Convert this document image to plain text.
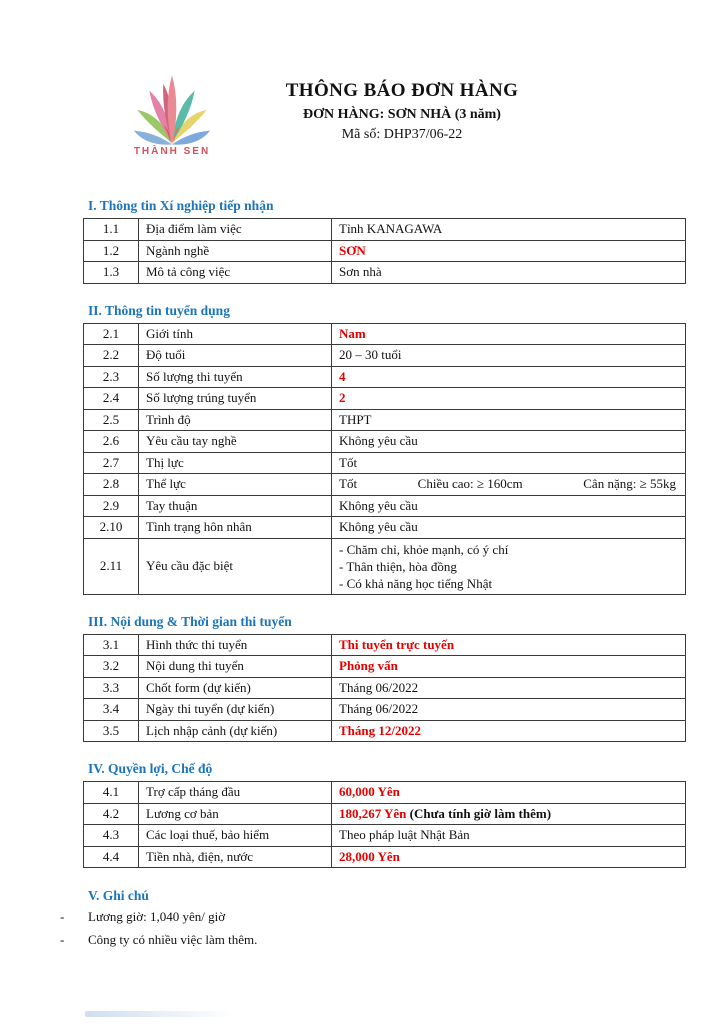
THÀNH SEN
THÔNG BÁO ĐƠN HÀNG
ĐƠN HÀNG: SƠN NHÀ (3 năm)
Mã số: DHP37/06-22
I. Thông tin Xí nghiệp tiếp nhận
1.1	Địa điểm làm việc	Tỉnh KANAGAWA
1.2	Ngành nghề	SƠN
1.3	Mô tả công việc	Sơn nhà
II. Thông tin tuyển dụng
2.1	Giới tính	Nam
2.2	Độ tuổi	20 – 30 tuổi
2.3	Số lượng thi tuyển	4
2.4	Số lượng trúng tuyển	2
2.5	Trình độ	THPT
2.6	Yêu cầu tay nghề	Không yêu cầu
2.7	Thị lực	Tốt
2.8	Thể lực	Tốt Chiều cao: ≥ 160cm Cân nặng: ≥ 55kg

2.9	Tay thuận	Không yêu cầu
2.10	Tình trạng hôn nhân	Không yêu cầu
2.11	Yêu cầu đặc biệt	- Chăm chỉ, khỏe mạnh, có ý chí
- Thân thiện, hòa đồng
- Có khả năng học tiếng Nhật
III. Nội dung & Thời gian thi tuyển
3.1	Hình thức thi tuyển	Thi tuyển trực tuyến
3.2	Nội dung thi tuyển	Phỏng vấn
3.3	Chốt form (dự kiến)	Tháng 06/2022
3.4	Ngày thi tuyển (dự kiến)	Tháng 06/2022
3.5	Lịch nhập cảnh (dự kiến)	Tháng 12/2022
IV. Quyền lợi, Chế độ
4.1	Trợ cấp tháng đầu	60,000 Yên
4.2	Lương cơ bản	180,267 Yên (Chưa tính giờ làm thêm)
4.3	Các loại thuế, bảo hiểm	Theo pháp luật Nhật Bản
4.4	Tiền nhà, điện, nước	28,000 Yên
V. Ghi chú
-	Lương giờ: 1,040 yên/ giờ
-	Công ty có nhiều việc làm thêm.
